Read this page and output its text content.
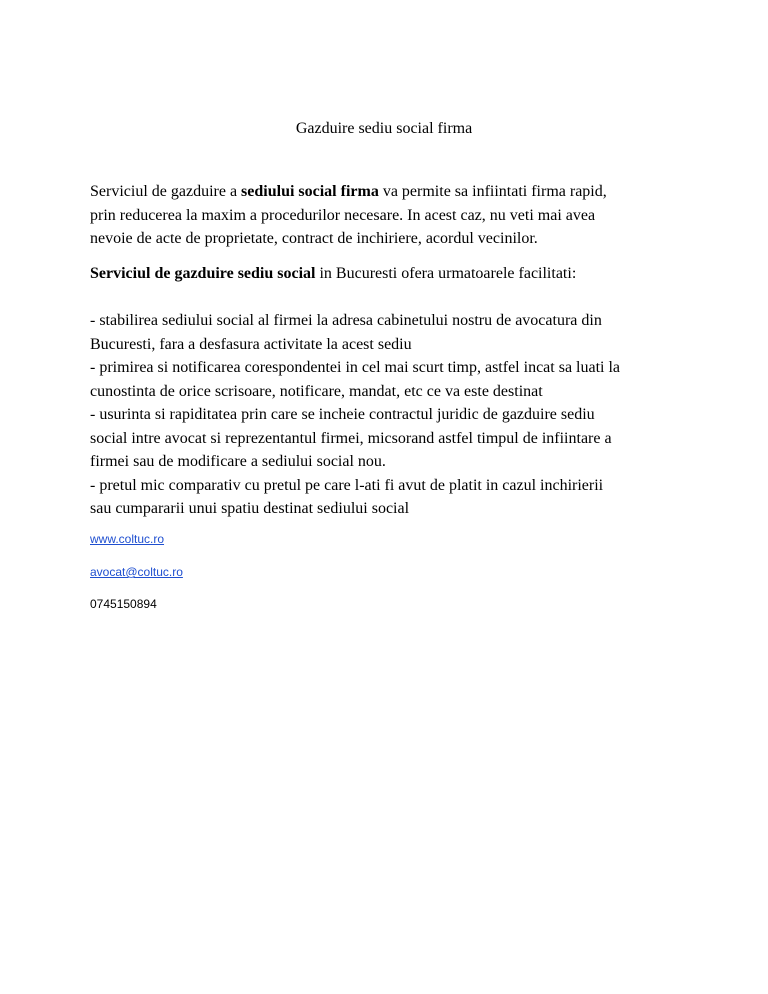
Gazduire sediu social firma
Serviciul de gazduire a sediului social firma va permite sa infiintati firma rapid,
prin reducerea la maxim a procedurilor necesare. In acest caz, nu veti mai avea
nevoie de acte de proprietate, contract de inchiriere, acordul vecinilor.
Serviciul de gazduire sediu social in Bucuresti ofera urmatoarele facilitati:
- stabilirea sediului social al firmei la adresa cabinetului nostru de avocatura din
Bucuresti, fara a desfasura activitate la acest sediu
- primirea si notificarea corespondentei in cel mai scurt timp, astfel incat sa luati la
cunostinta de orice scrisoare, notificare, mandat, etc ce va este destinat
- usurinta si rapiditatea prin care se incheie contractul juridic de gazduire sediu
social intre avocat si reprezentantul firmei, micsorand astfel timpul de infiintare a
firmei sau de modificare a sediului social nou.
- pretul mic comparativ cu pretul pe care l-ati fi avut de platit in cazul inchirierii
sau cumpararii unui spatiu destinat sediului social
www.coltuc.ro
avocat@coltuc.ro
0745150894
